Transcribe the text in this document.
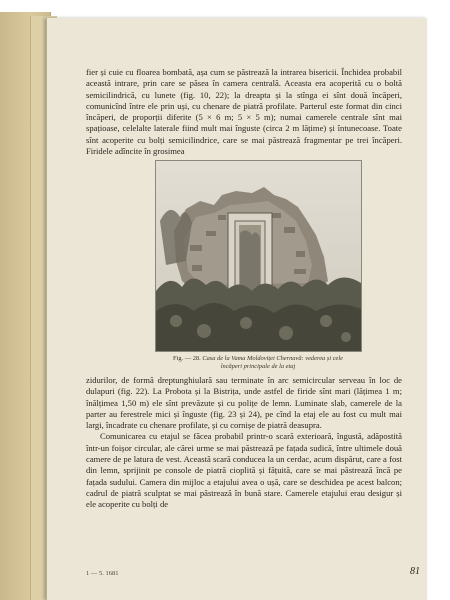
fier și cuie cu floarea bombată, așa cum se păstrează la intrarea bisericii. Închidea probabil această intrare, prin care se păsea în camera centrală. Aceasta era acoperită cu o boltă semicilindrică, cu lunete (fig. 10, 22); la dreapta și la stînga ei sînt două încăperi, comunicînd între ele prin uși, cu chenare de piatră profilate. Parterul este format din cinci încăperi, de proporții diferite (5 × 6 m; 5 × 5 m); numai camerele centrale sînt mai spațioase, celelalte laterale fiind mult mai înguste (circa 2 m lățime) și întunecoase. Toate sînt acoperite cu bolți semicilindrice, care se mai păstrează fragmentar pe trei încăperi. Firidele adîncite în grosimea

Fig. — 28. Casa de la Vama Moldoviței Chernavă: vederea și cele încăperi principale de la etaj

zidurilor, de formă dreptunghiulară sau terminate în arc semicircular serveau în loc de dulapuri (fig. 22). La Probota și la Bistrița, unde astfel de firide sînt mari (lățimea 1 m; înălțimea 1,50 m) ele sînt prevăzute și cu polițe de lemn. Luminate slab, camerele de la parter au ferestrele mici și înguste (fig. 23 și 24), pe cînd la etaj ele au fost cu mult mai largi, încadrate cu chenare profilate, și cu cornișe de piatră deasupra.

Comunicarea cu etajul se făcea probabil printr-o scară exterioară, îngustă, adăpostită într-un foișor circular, ale cărei urme se mai păstrează pe fațada sudică, între ultimele două camere de pe latura de vest. Această scară conducea la un cerdac, acum dispărut, care a fost din lemn, sprijinit pe console de piatră cioplită și fățuită, care se mai păstrează încă pe fațada sudului. Camera din mijloc a etajului avea o ușă, care se deschidea pe acest balcon; cadrul de piatră sculptat se mai păstrează în bună stare. Camerele etajului erau desigur și ele acoperite cu bolți de

1 — 5. 1681	81
